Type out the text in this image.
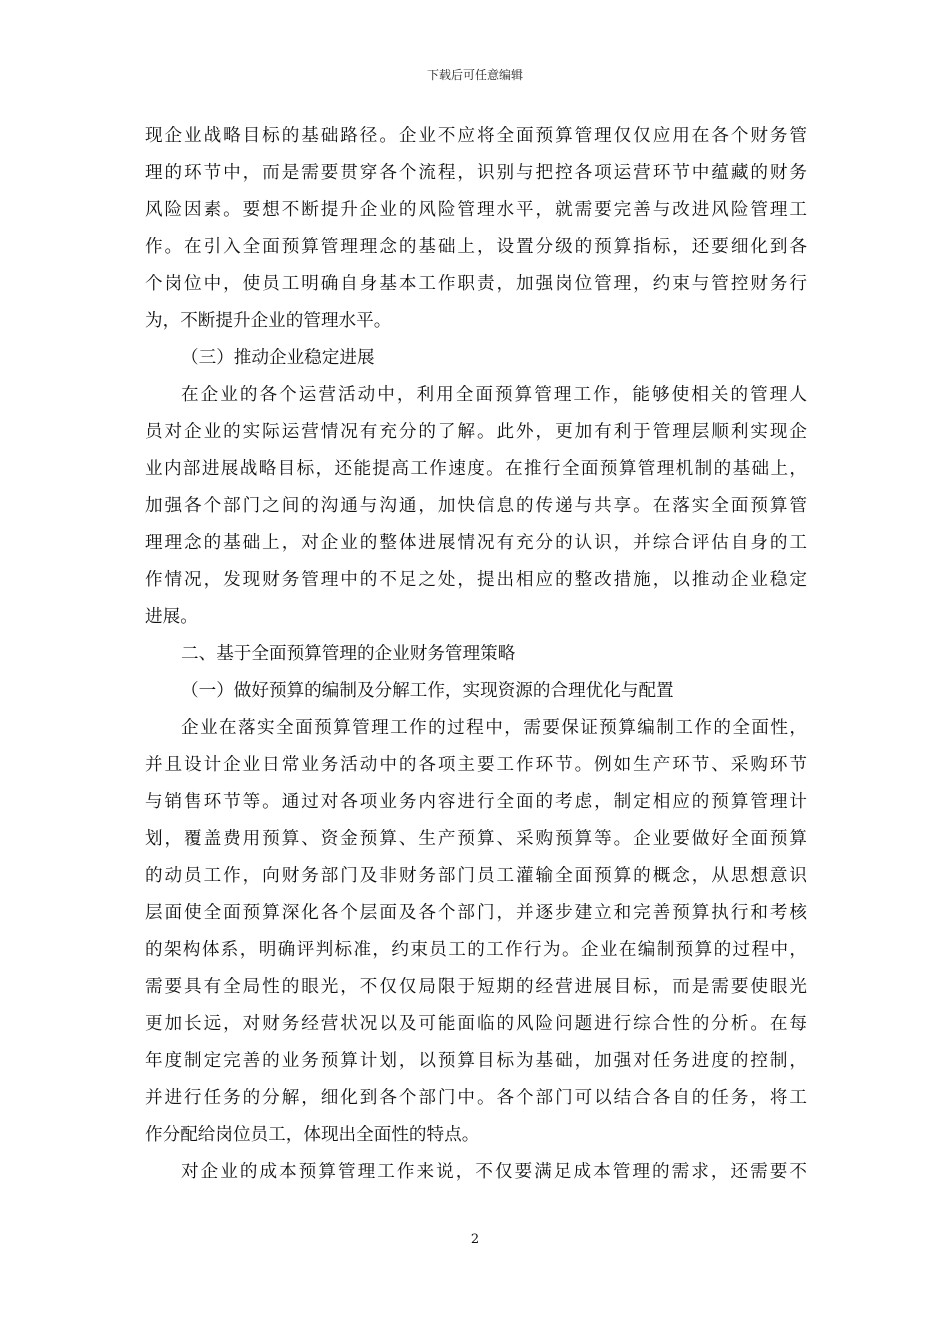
下载后可任意编辑
现企业战略目标的基础路径。企业不应将全面预算管理仅仅应用在各个财务管
理的环节中，而是需要贯穿各个流程，识别与把控各项运营环节中蕴藏的财务
风险因素。要想不断提升企业的风险管理水平，就需要完善与改进风险管理工
作。在引入全面预算管理理念的基础上，设置分级的预算指标，还要细化到各
个岗位中，使员工明确自身基本工作职责，加强岗位管理，约束与管控财务行
为，不断提升企业的管理水平。
（三）推动企业稳定进展
在企业的各个运营活动中，利用全面预算管理工作，能够使相关的管理人
员对企业的实际运营情况有充分的了解。此外，更加有利于管理层顺利实现企
业内部进展战略目标，还能提高工作速度。在推行全面预算管理机制的基础上，
加强各个部门之间的沟通与沟通，加快信息的传递与共享。在落实全面预算管
理理念的基础上，对企业的整体进展情况有充分的认识，并综合评估自身的工
作情况，发现财务管理中的不足之处，提出相应的整改措施，以推动企业稳定
进展。
二、基于全面预算管理的企业财务管理策略
（一）做好预算的编制及分解工作，实现资源的合理优化与配置
企业在落实全面预算管理工作的过程中，需要保证预算编制工作的全面性，
并且设计企业日常业务活动中的各项主要工作环节。例如生产环节、采购环节
与销售环节等。通过对各项业务内容进行全面的考虑，制定相应的预算管理计
划，覆盖费用预算、资金预算、生产预算、采购预算等。企业要做好全面预算
的动员工作，向财务部门及非财务部门员工灌输全面预算的概念，从思想意识
层面使全面预算深化各个层面及各个部门，并逐步建立和完善预算执行和考核
的架构体系，明确评判标准，约束员工的工作行为。企业在编制预算的过程中，
需要具有全局性的眼光，不仅仅局限于短期的经营进展目标，而是需要使眼光
更加长远，对财务经营状况以及可能面临的风险问题进行综合性的分析。在每
年度制定完善的业务预算计划，以预算目标为基础，加强对任务进度的控制，
并进行任务的分解，细化到各个部门中。各个部门可以结合各自的任务，将工
作分配给岗位员工，体现出全面性的特点。
对企业的成本预算管理工作来说，不仅要满足成本管理的需求，还需要不
2
